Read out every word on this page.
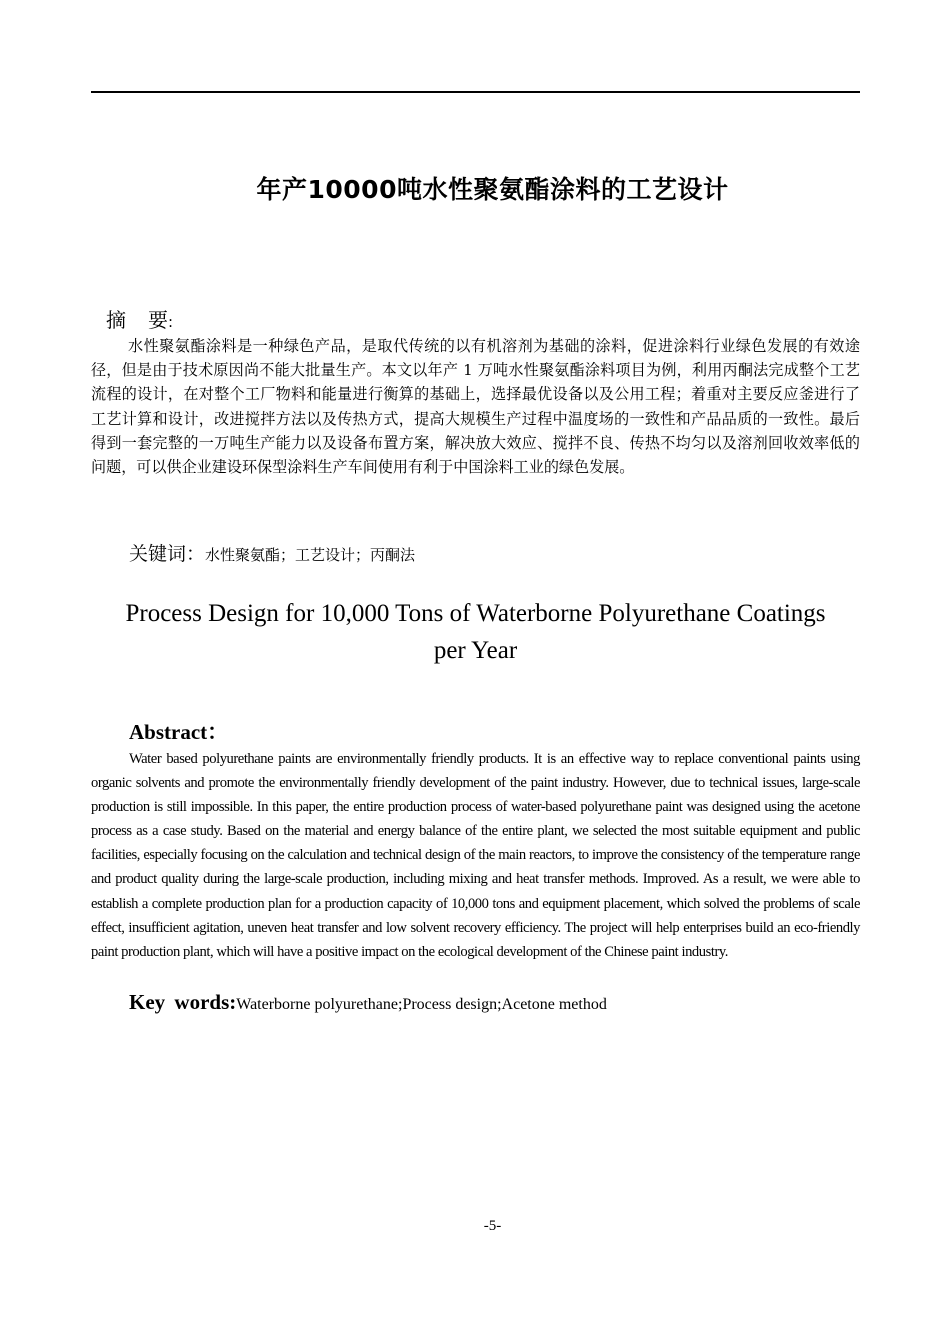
年产10000吨水性聚氨酯涂料的工艺设计
摘 要:

水性聚氨酯涂料是一种绿色产品，是取代传统的以有机溶剂为基础的涂料，促进涂料行业绿色发展的有效途径，但是由于技术原因尚不能大批量生产。本文以年产 1 万吨水性聚氨酯涂料项目为例，利用丙酮法完成整个工艺流程的设计，在对整个工厂物料和能量进行衡算的基础上，选择最优设备以及公用工程；着重对主要反应釜进行了工艺计算和设计，改进搅拌方法以及传热方式，提高大规模生产过程中温度场的一致性和产品品质的一致性。最后得到一套完整的一万吨生产能力以及设备布置方案，解决放大效应、搅拌不良、传热不均匀以及溶剂回收效率低的问题，可以供企业建设环保型涂料生产车间使用有利于中国涂料工业的绿色发展。

关键词：水性聚氨酯；工艺设计；丙酮法
Process Design for 10,000 Tons of Waterborne Polyurethane Coatings
per Year
Abstract：

Water based polyurethane paints are environmentally friendly products. It is an effective way to replace conventional paints using organic solvents and promote the environmentally friendly development of the paint industry. However, due to technical issues, large-scale production is still impossible. In this paper, the entire production process of water-based polyurethane paint was designed using the acetone process as a case study. Based on the material and energy balance of the entire plant, we selected the most suitable equipment and public facilities, especially focusing on the calculation and technical design of the main reactors, to improve the consistency of the temperature range and product quality during the large-scale production, including mixing and heat transfer methods. Improved. As a result, we were able to establish a complete production plan for a production capacity of 10,000 tons and equipment placement, which solved the problems of scale effect, insufficient agitation, uneven heat transfer and low solvent recovery efficiency. The project will help enterprises build an eco-friendly paint production plant, which will have a positive impact on the ecological development of the Chinese paint industry.

Key words:Waterborne polyurethane;Process design;Acetone method
-5-
